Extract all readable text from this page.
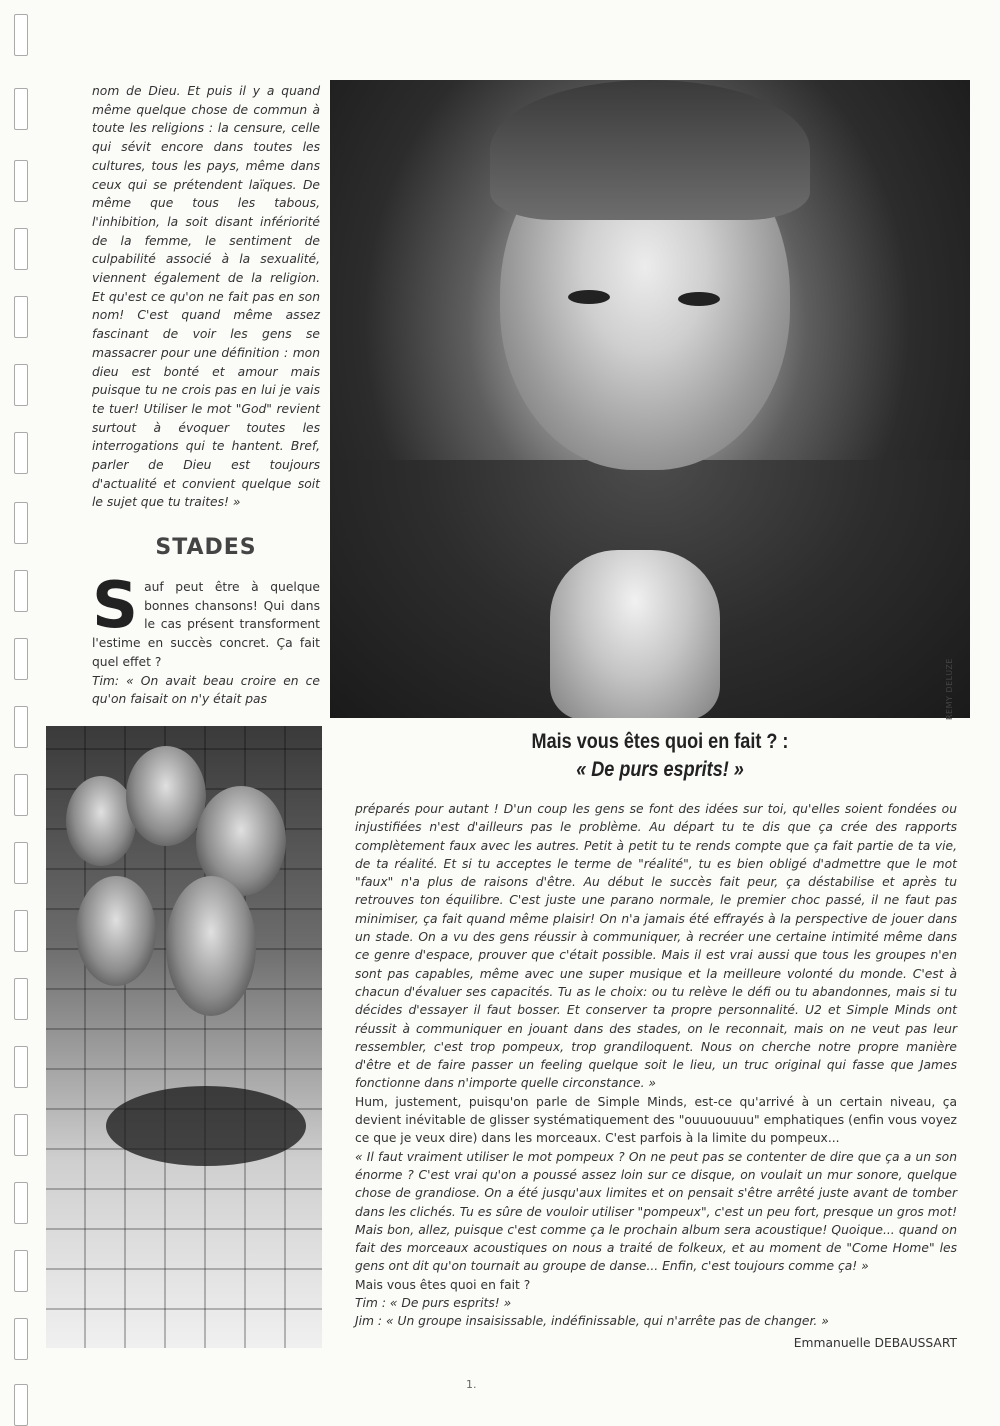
nom de Dieu. Et puis il y a quand même quelque chose de commun à toute les religions : la censure, celle qui sévit encore dans toutes les cultures, tous les pays, même dans ceux qui se prétendent laïques. De même que tous les tabous, l'inhibition, la soit disant infériorité de la femme, le sentiment de culpabilité associé à la sexualité, viennent également de la religion. Et qu'est ce qu'on ne fait pas en son nom! C'est quand même assez fascinant de voir les gens se massacrer pour une définition : mon dieu est bonté et amour mais puisque tu ne crois pas en lui je vais te tuer! Utiliser le mot "God" revient surtout à évoquer toutes les interrogations qui te hantent. Bref, parler de Dieu est toujours d'actualité et convient quelque soit le sujet que tu traites! »

REMY DELUZE

STADES
S auf peut être à quelque bonnes chansons! Qui dans le cas présent transforment l'estime en succès concret. Ça fait quel effet ?

Tim: « On avait beau croire en ce qu'on faisait on n'y était pas

Mais vous êtes quoi en fait ? :
« De purs esprits! »

préparés pour autant ! D'un coup les gens se font des idées sur toi, qu'elles soient fondées ou injustifiées n'est d'ailleurs pas le problème. Au départ tu te dis que ça crée des rapports complètement faux avec les autres. Petit à petit tu te rends compte que ça fait partie de ta vie, de ta réalité. Et si tu acceptes le terme de "réalité", tu es bien obligé d'admettre que le mot "faux" n'a plus de raisons d'être. Au début le succès fait peur, ça déstabilise et après tu retrouves ton équilibre. C'est juste une parano normale, le premier choc passé, il ne faut pas minimiser, ça fait quand même plaisir! On n'a jamais été effrayés à la perspective de jouer dans un stade. On a vu des gens réussir à communiquer, à recréer une certaine intimité même dans ce genre d'espace, prouver que c'était possible. Mais il est vrai aussi que tous les groupes n'en sont pas capables, même avec une super musique et la meilleure volonté du monde. C'est à chacun d'évaluer ses capacités. Tu as le choix: ou tu relève le défi ou tu abandonnes, mais si tu décides d'essayer il faut bosser. Et conserver ta propre personnalité. U2 et Simple Minds ont réussit à communiquer en jouant dans des stades, on le reconnait, mais on ne veut pas leur ressembler, c'est trop pompeux, trop grandiloquent. Nous on cherche notre propre manière d'être et de faire passer un feeling quelque soit le lieu, un truc original qui fasse que James fonctionne dans n'importe quelle circonstance. »

Hum, justement, puisqu'on parle de Simple Minds, est-ce qu'arrivé à un certain niveau, ça devient inévitable de glisser systématiquement des "ouuuouuuu" emphatiques (enfin vous voyez ce que je veux dire) dans les morceaux. C'est parfois à la limite du pompeux...

« Il faut vraiment utiliser le mot pompeux ? On ne peut pas se contenter de dire que ça a un son énorme ? C'est vrai qu'on a poussé assez loin sur ce disque, on voulait un mur sonore, quelque chose de grandiose. On a été jusqu'aux limites et on pensait s'être arrêté juste avant de tomber dans les clichés. Tu es sûre de vouloir utiliser "pompeux", c'est un peu fort, presque un gros mot! Mais bon, allez, puisque c'est comme ça le prochain album sera acoustique! Quoique... quand on fait des morceaux acoustiques on nous a traité de folkeux, et au moment de "Come Home" les gens ont dit qu'on tournait au groupe de danse... Enfin, c'est toujours comme ça! »

Mais vous êtes quoi en fait ?

Tim : « De purs esprits! »

Jim : « Un groupe insaisissable, indéfinissable, qui n'arrête pas de changer. »

Emmanuelle DEBAUSSART

1.
